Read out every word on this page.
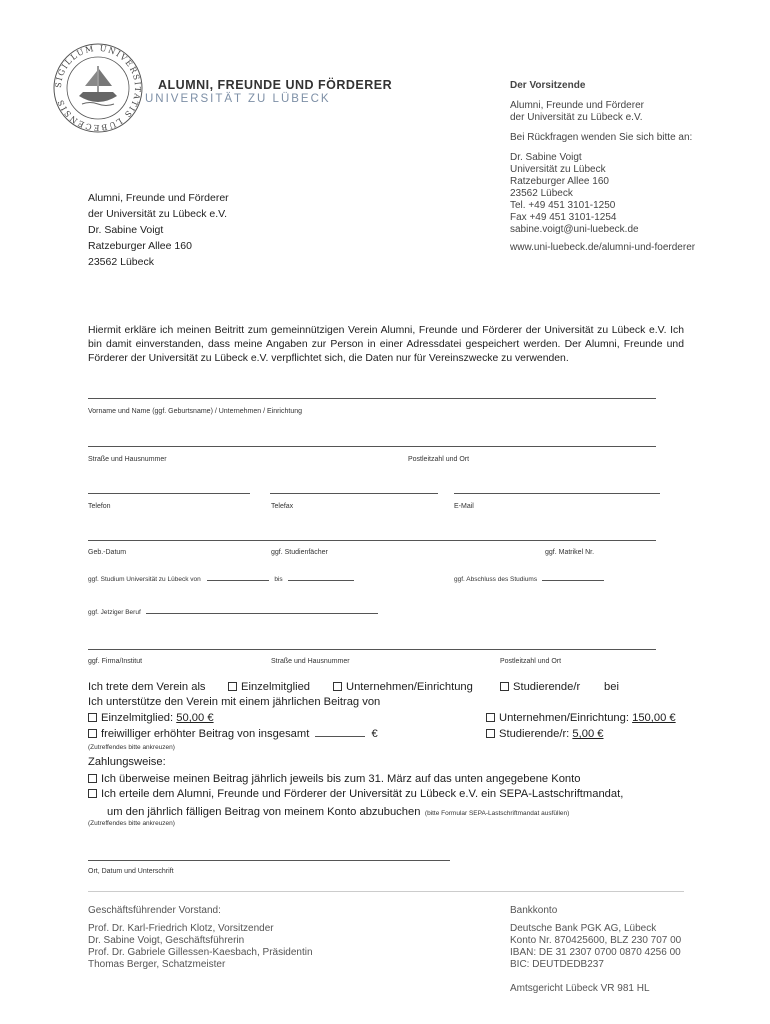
SIGILLUM UNIVERSITATIS LUBECENSIS
ALUMNI, FREUNDE UND FÖRDERER
UNIVERSITÄT ZU LÜBECK
Der Vorsitzende
Alumni, Freunde und Förderer
der Universität zu Lübeck e.V.
Bei Rückfragen wenden Sie sich bitte an:
Dr. Sabine Voigt
Universität zu Lübeck
Ratzeburger Allee 160
23562 Lübeck
Tel. +49 451 3101-1250
Fax +49 451 3101-1254
sabine.voigt@uni-luebeck.de
www.uni-luebeck.de/alumni-und-foerderer
Alumni, Freunde und Förderer
der Universität zu Lübeck e.V.
Dr. Sabine Voigt
Ratzeburger Allee 160
23562 Lübeck
Hiermit erkläre ich meinen Beitritt zum gemeinnützigen Verein Alumni, Freunde und Förderer der Universität zu Lübeck e.V. Ich bin damit einverstanden, dass meine Angaben zur Person in einer Adressdatei gespeichert werden. Der Alumni, Freunde und Förderer der Universität zu Lübeck e.V. verpflichtet sich, die Daten nur für Vereinszwecke zu verwenden.
Vorname und Name (ggf. Geburtsname) / Unternehmen / Einrichtung
Straße und Hausnummer	Postleitzahl und Ort
Telefon	Telefax	E-Mail
Geb.-Datum	ggf. Studienfächer	ggf. Matrikel Nr.
ggf. Studium Universität zu Lübeck von	bis	ggf. Abschluss des Studiums
ggf. Jetziger Beruf
ggf. Firma/Institut	Straße und Hausnummer	Postleitzahl und Ort
Ich trete dem Verein als	Einzelmitglied	Unternehmen/Einrichtung	Studierende/r bei
Ich unterstütze den Verein mit einem jährlichen Beitrag von
Einzelmitglied: 50,00 €	Unternehmen/Einrichtung: 150,00 €
freiwilliger erhöhter Beitrag von insgesamt	€	Studierende/r: 5,00 €
(Zutreffendes bitte ankreuzen)
Zahlungsweise:
Ich überweise meinen Beitrag jährlich jeweils bis zum 31. März auf das unten angegebene Konto
Ich erteile dem Alumni, Freunde und Förderer der Universität zu Lübeck e.V. ein SEPA-Lastschriftmandat,
um den jährlich fälligen Beitrag von meinem Konto abzubuchen (bitte Formular SEPA-Lastschriftmandat ausfüllen)
(Zutreffendes bitte ankreuzen)
Ort, Datum und Unterschrift
Geschäftsführender Vorstand:
Prof. Dr. Karl-Friedrich Klotz, Vorsitzender
Dr. Sabine Voigt, Geschäftsführerin
Prof. Dr. Gabriele Gillessen-Kaesbach, Präsidentin
Thomas Berger, Schatzmeister
Bankkonto
Deutsche Bank PGK AG, Lübeck
Konto Nr. 870425600, BLZ 230 707 00
IBAN: DE 31 2307 0700 0870 4256 00
BIC: DEUTDEDB237
Amtsgericht Lübeck VR 981 HL
